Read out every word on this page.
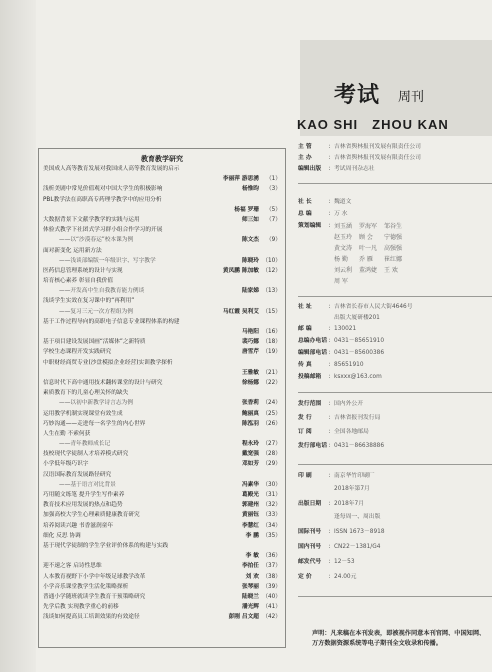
考试 周刊
KAO SHI ZHOU KAN
教育教学研究
美国成人高等教育发展对我国成人高等教育发展的启示
李丽萍 游思湧 （1）
浅析美剧中常见价值观对中国大学生的积极影响	杨惟昀 （3）
PBL教学法在高职高专药理学教学中的应用分析
杨福 罗珊 （5）
大数据背景下文献学教学的实践与运用	师三如 （7）
体验式教学下社团式学习群小组合作学习的开展
——以“沙漠春运”校本课为例	陈文杰 （9）
面对新变化 运用新方法
——浅谈部编版一年级识字、写字教学	陈晓玲 （10）
医药信息管理系统的设计与实现	黄凤鹏 陈加敏 （12）
培育核心素养 彰显自我价值
——开发高中生自我教育能力例谈	陆家娣 （13）
浅谈学生实效在复习课中的“再利用”
——复习三元一次方程组为例	马红霞 吴利艾 （15）
基于工作过程导向的高职电子信息专业课程体系的构建
马艳阳 （16）
基于项目建设发展国画“活媒体”之新特质	裴巧娜 （18）
学校生态课程开发实践研究	唐雪芹 （19）
中职财经商贸专业(沙盘模拟企业经营)实训教学探析
王雅敏 （21）
信息时代下高中通用技术翻转课堂的设计与研究	徐杨娜 （22）
素质教育下的儿童心理关怀的缺失
——以初中新教学诗言志为例	张香莉 （24）
运用教学机制实现课堂有效生成	鲍丽真 （25）
巧妙沟通——走进每一名学生的内心世界	陈泓羽 （26）
人生在勤 不索何获
——青年教师成长记	程永玲 （27）
技校现代学徒制人才培养模式研究	戴宽强 （28）
小学低年级巧识字	邓如芳 （29）
汉语国际教育发展路径研究
——基于语言对比背景	冯素华 （30）
巧用随文练笔 提升学生写作素养	葛殿光 （31）
教育技术应用发展的热点和趋势	郭建州 （32）
加强高校大学生心理素质健康教育研究	黄丽钰 （33）
培养阅读兴趣 书香滋润童年	李慧红 （34）
细化 反思 协调	李 鹏 （35）
基于现代学徒制的学生学业评价体系的构建与实践
李 敏 （36）
迎不速之客 启诗性思维	李拍任 （37）
人本教育视野下小学中年级足球教学改革	刘 欢 （38）
小学音乐课堂教学生活化策略探析	张琴丽 （39）
普通小学随班就读学生教育干预策略研究	陆晓兰 （40）
先学后教 实现教学重心的前移	潘光辉 （41）
浅谈如何提高员工培训效果的有效途径	彭刚 吕文超 （42）
主 管	： 吉林省舆林报刊发展有限责任公司
主 办	： 吉林省舆林报刊发展有限责任公司
编辑出版 ： 考试周刊杂志社
社 长	： 魏道文
总 编	： 万 水
策划编辑 ： 刘玉涵 罗海军 邹谷生
赵玉玲 顾 会 宁德强
黄文涛 叶一凡 高强强
杨 勤 乔 雁 崔红娜
刘云利 董鸿婕 王 欢
周 军
社 址	： 吉林省长春市人民大街4646号
出版大厦研楼201
邮 编	： 130021
总编办电话 ： 0431－85651910
编辑部电话 ： 0431－85600386
传 真	： 85651910
投稿邮箱 ： ksxxx@163.com
发行范围 ： 国内外公开
发 行	： 吉林省报刊发行局
订 阅	： 全国各地邮局
发行部电话 ： 0431－86638886
印 刷	： 南京华竹印刷厂
2018年第7月
出版日期 ： 2018年7月
逢每周一、周出版
国际刊号 ： ISSN 1673－8918
国内刊号 ： CN22－1381/G4
邮发代号 ： 12－53
定 价	： 24.00元
声明：凡来稿在本刊发表，即被视作同意本刊官网、中国知网、万方数据资源系统等电子期刊全文收录和传播。
